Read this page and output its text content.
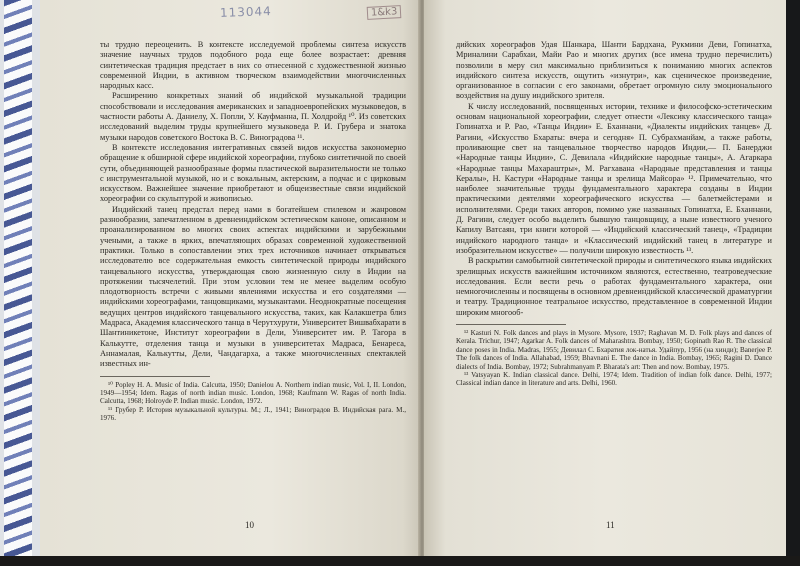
ты трудно переоценить. В контексте исследуемой проблемы синтеза искусств значение научных трудов подобного рода еще более возрастает: древняя синтетическая традиция предстает в них со отнесенной с художественной жизнью современной Индии, в активном творческом взаимодействии многочисленных народных касс.

Расширению конкретных знаний об индийской музыкальной традиции способствовали и исследования американских и западноевропейских музыковедов, в частности работы А. Даниелу, Х. Попли, У. Кауфманна, П. Холдройд ¹⁰. Из советских исследований выделим труды крупнейшего музыковеда Р. И. Грубера и знатока музыки народов советского Востока В. С. Виноградова ¹¹.

В контексте исследования интегративных связей видов искусства закономерно обращение к обширной сфере индийской хореографии, глубоко синтетичной по своей сути, объединяющей разнообразные формы пластической выразительности не только с инструментальной музыкой, но и с вокальным, актерским, а подчас и с цирковым искусством. Важнейшее значение приобретают и общеизвестные связи индийской хореографии со скульптурой и живописью.

Индийский танец предстал перед нами в богатейшем стилевом и жанровом разнообразии, запечатленном в древнеиндийском эстетическом каноне, описанном и проанализированном во многих своих аспектах индийскими и зарубежными учеными, а также в ярких, впечатляющих образах современной художественной практики. Только в сопоставлении этих трех источников начинает открываться исследователю все содержательная емкость синтетической природы индийского танцевального искусства, утверждающая свою жизненную силу в Индии на протяжении тысячелетий. При этом условии тем не менее выделим особую плодотворность встречи с живыми явлениями искусства и его создателями — индийскими хореографами, танцовщиками, музыкантами. Неоднократные посещения ведущих центров индийского танцевального искусства, таких, как Калакшетра близ Мадраса, Академия классического танца в Черутхурути, Университет Вишвабхарати в Шантиникетоне, Институт хореографии в Дели, Университет им. Р. Тагора в Калькутте, отделения танца и музыки в университетах Мадраса, Бенареса, Аннамалая, Калькутты, Дели, Чандагарха, а также многочисленных спектаклей известных ин-

¹⁰ Popley H. A. Music of India. Calcutta, 1950; Danielou A. Northern indian music, Vol. I, II. London, 1949—1954; Idem. Ragas of north indian music. London, 1968; Kaufmann W. Ragas of north India. Calcutta, 1968; Holroyde P. Indian music. London, 1972.

¹¹ Грубер Р. История музыкальной культуры. М.; Л., 1941; Виноградов В. Индийская рага. М., 1976.

10

дийских хореографов Удая Шанкара, Шанти Бардхана, Рукмини Деви, Гопинатха, Мриналини Сарабхаи, Майи Рао и многих других (все имена трудно перечислить) позволили в меру сил максимально приблизиться к пониманию многих аспектов индийского синтеза искусств, ощутить «изнутри», как сценическое произведение, организованное в согласии с его законами, обретает огромную силу эмоционального воздействия на душу индийского зрителя.

К числу исследований, посвященных истории, технике и философско-эстетическим основам национальной хореографии, следует отнести «Лексику классического танца» Гопинатха и Р. Рао, «Танцы Индии» Е. Бханнани, «Диалекты индийских танцев» Д. Рагини, «Искусство Бхараты: вчера и сегодня» П. Субрахманйам, а также работы, проливающие свет на танцевальное творчество народов Индии,— П. Банерджи «Народные танцы Индии», С. Девилала «Индийские народные танцы», А. Агаркара «Народные танцы Махараштры», М. Рагхавана «Народные представления и танцы Кералы», Н. Кастури «Народные танцы и зрелища Майсора» ¹². Примечательно, что наиболее значительные труды фундаментального характера созданы в Индии практическими деятелями хореографического искусства — балетмейстерами и исполнителями. Среди таких авторов, помимо уже названных Гопинатха, Е. Бханнани, Д. Рагини, следует особо выделить бывшую танцовщицу, а ныне известного ученого Капилу Ватсаян, три книги которой — «Индийский классический танец», «Традиции индийского народного танца» и «Классический индийский танец в литературе и изобразительном искусстве» — получили широкую известность ¹³.

В раскрытии самобытной синтетической природы и синтетического языка индийских зрелищных искусств важнейшим источником являются, естественно, театроведческие исследования. Если вести речь о работах фундаментального характера, они немногочисленны и посвящены в основном древнеиндийской классической драматургии и театру. Традиционное театральное искусство, представленное в современной Индии широким многооб-

¹² Kasturi N. Folk dances and plays in Mysore. Mysore, 1937; Raghavan M. D. Folk plays and dances of Kerala. Trichur, 1947; Agarkar A. Folk dances of Maharashtra. Bombay, 1950; Gopinath Rao R. The classical dance poses in India. Madras, 1955; Девилал С. Бхаратия лок-натья. Удайпур, 1956 (на хинди); Banerjee P. The folk dances of India. Allahabad, 1959; Bhavnani E. The dance in India. Bombay, 1965; Ragini D. Dance dialects of India. Bombay, 1972; Subrahmanyam P. Bharata's art: Then and now. Bombay, 1975.

¹³ Vatsyayan K. Indian classical dance. Delhi, 1974; Idem. Tradition of indian folk dance. Delhi, 1977; Classical indian dance in literature and arts. Delhi, 1960.

11
113044	1&k3
